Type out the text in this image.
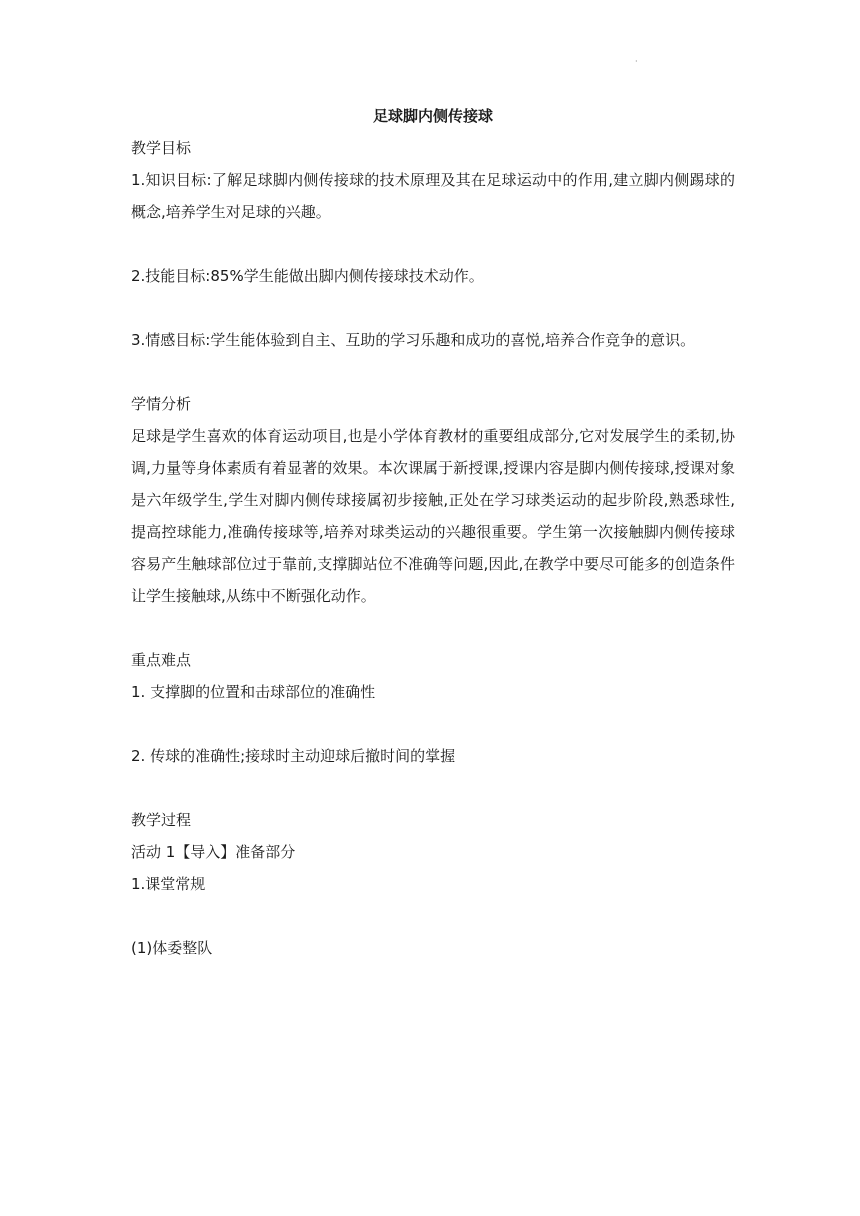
·
足球脚内侧传接球

教学目标

1.知识目标:了解足球脚内侧传接球的技术原理及其在足球运动中的作用,建立脚内侧踢球的概念,培养学生对足球的兴趣。

2.技能目标:85%学生能做出脚内侧传接球技术动作。

3.情感目标:学生能体验到自主、互助的学习乐趣和成功的喜悦,培养合作竞争的意识。

学情分析

足球是学生喜欢的体育运动项目,也是小学体育教材的重要组成部分,它对发展学生的柔韧,协调,力量等身体素质有着显著的效果。本次课属于新授课,授课内容是脚内侧传接球,授课对象是六年级学生,学生对脚内侧传球接属初步接触,正处在学习球类运动的起步阶段,熟悉球性,提高控球能力,准确传接球等,培养对球类运动的兴趣很重要。学生第一次接触脚内侧传接球容易产生触球部位过于靠前,支撑脚站位不准确等问题,因此,在教学中要尽可能多的创造条件让学生接触球,从练中不断强化动作。

重点难点

1. 支撑脚的位置和击球部位的准确性

2. 传球的准确性;接球时主动迎球后撤时间的掌握

教学过程

活动 1【导入】准备部分

1.课堂常规

(1)体委整队
